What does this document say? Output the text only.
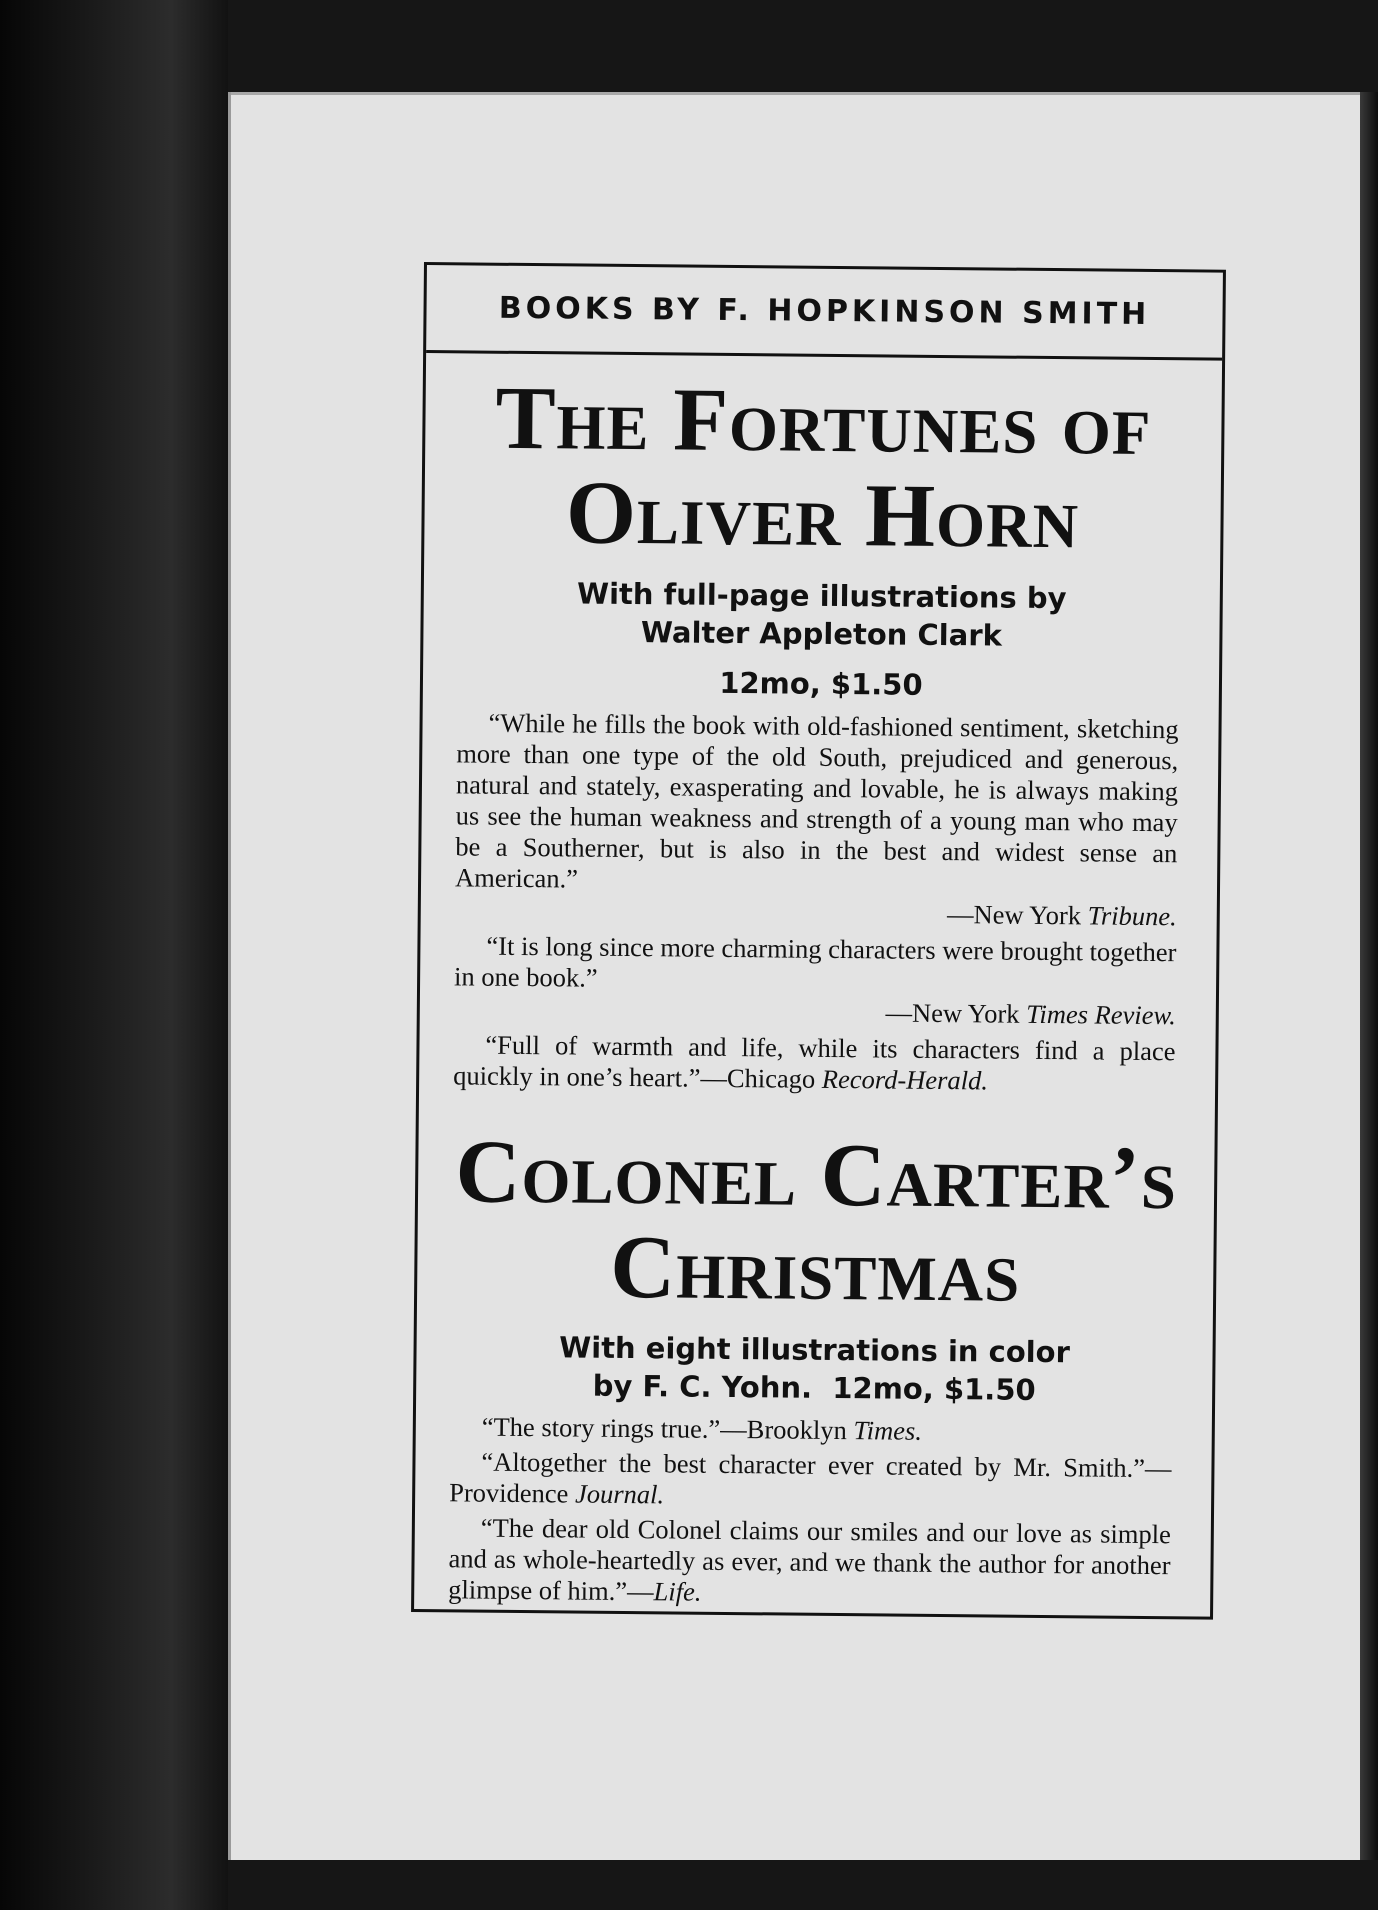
BOOKS BY F. HOPKINSON SMITH
The Fortunes of
Oliver Horn
With full-page illustrations by
Walter Appleton Clark
12mo, $1.50

“While he fills the book with old-fashioned sentiment, sketching more than one type of the old South, prejudiced and generous, natural and stately, exasperating and lovable, he is always making us see the human weakness and strength of a young man who may be a Southerner, but is also in the best and widest sense an American.”

—New York Tribune.

“It is long since more charming characters were brought together in one book.”

—New York Times Review.

“Full of warmth and life, while its characters find a place quickly in one’s heart.”—Chicago Record-Herald.

Colonel Carter’s
Christmas
With eight illustrations in color
by F. C. Yohn.  12mo, $1.50

“The story rings true.”—Brooklyn Times.

“Altogether the best character ever created by Mr. Smith.”—Providence Journal.

“The dear old Colonel claims our smiles and our love as simple and as whole-heartedly as ever, and we thank the author for another glimpse of him.”—Life.
